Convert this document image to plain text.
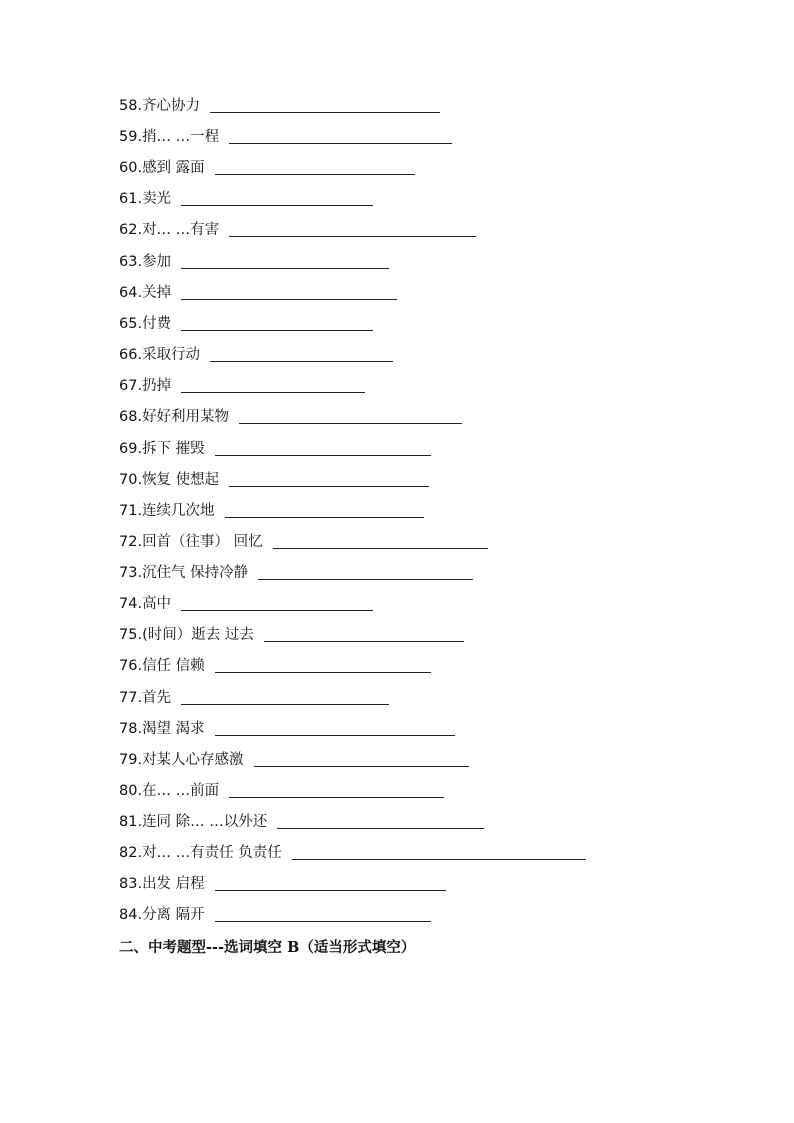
58. 齐心协力
59. 捎… …一程
60. 感到 露面
61. 卖光
62. 对… …有害
63. 参加
64. 关掉
65. 付费
66. 采取行动
67. 扔掉
68. 好好利用某物
69. 拆下 摧毁
70. 恢复 使想起
71. 连续几次地
72. 回首（往事） 回忆
73. 沉住气 保持冷静
74. 高中
75. (时间）逝去 过去
76. 信任 信赖
77. 首先
78. 渴望 渴求
79. 对某人心存感激
80. 在… …前面
81. 连同 除… …以外还
82. 对… …有责任 负责任
83. 出发 启程
84. 分离 隔开
二、中考题型---选词填空 B（适当形式填空）
